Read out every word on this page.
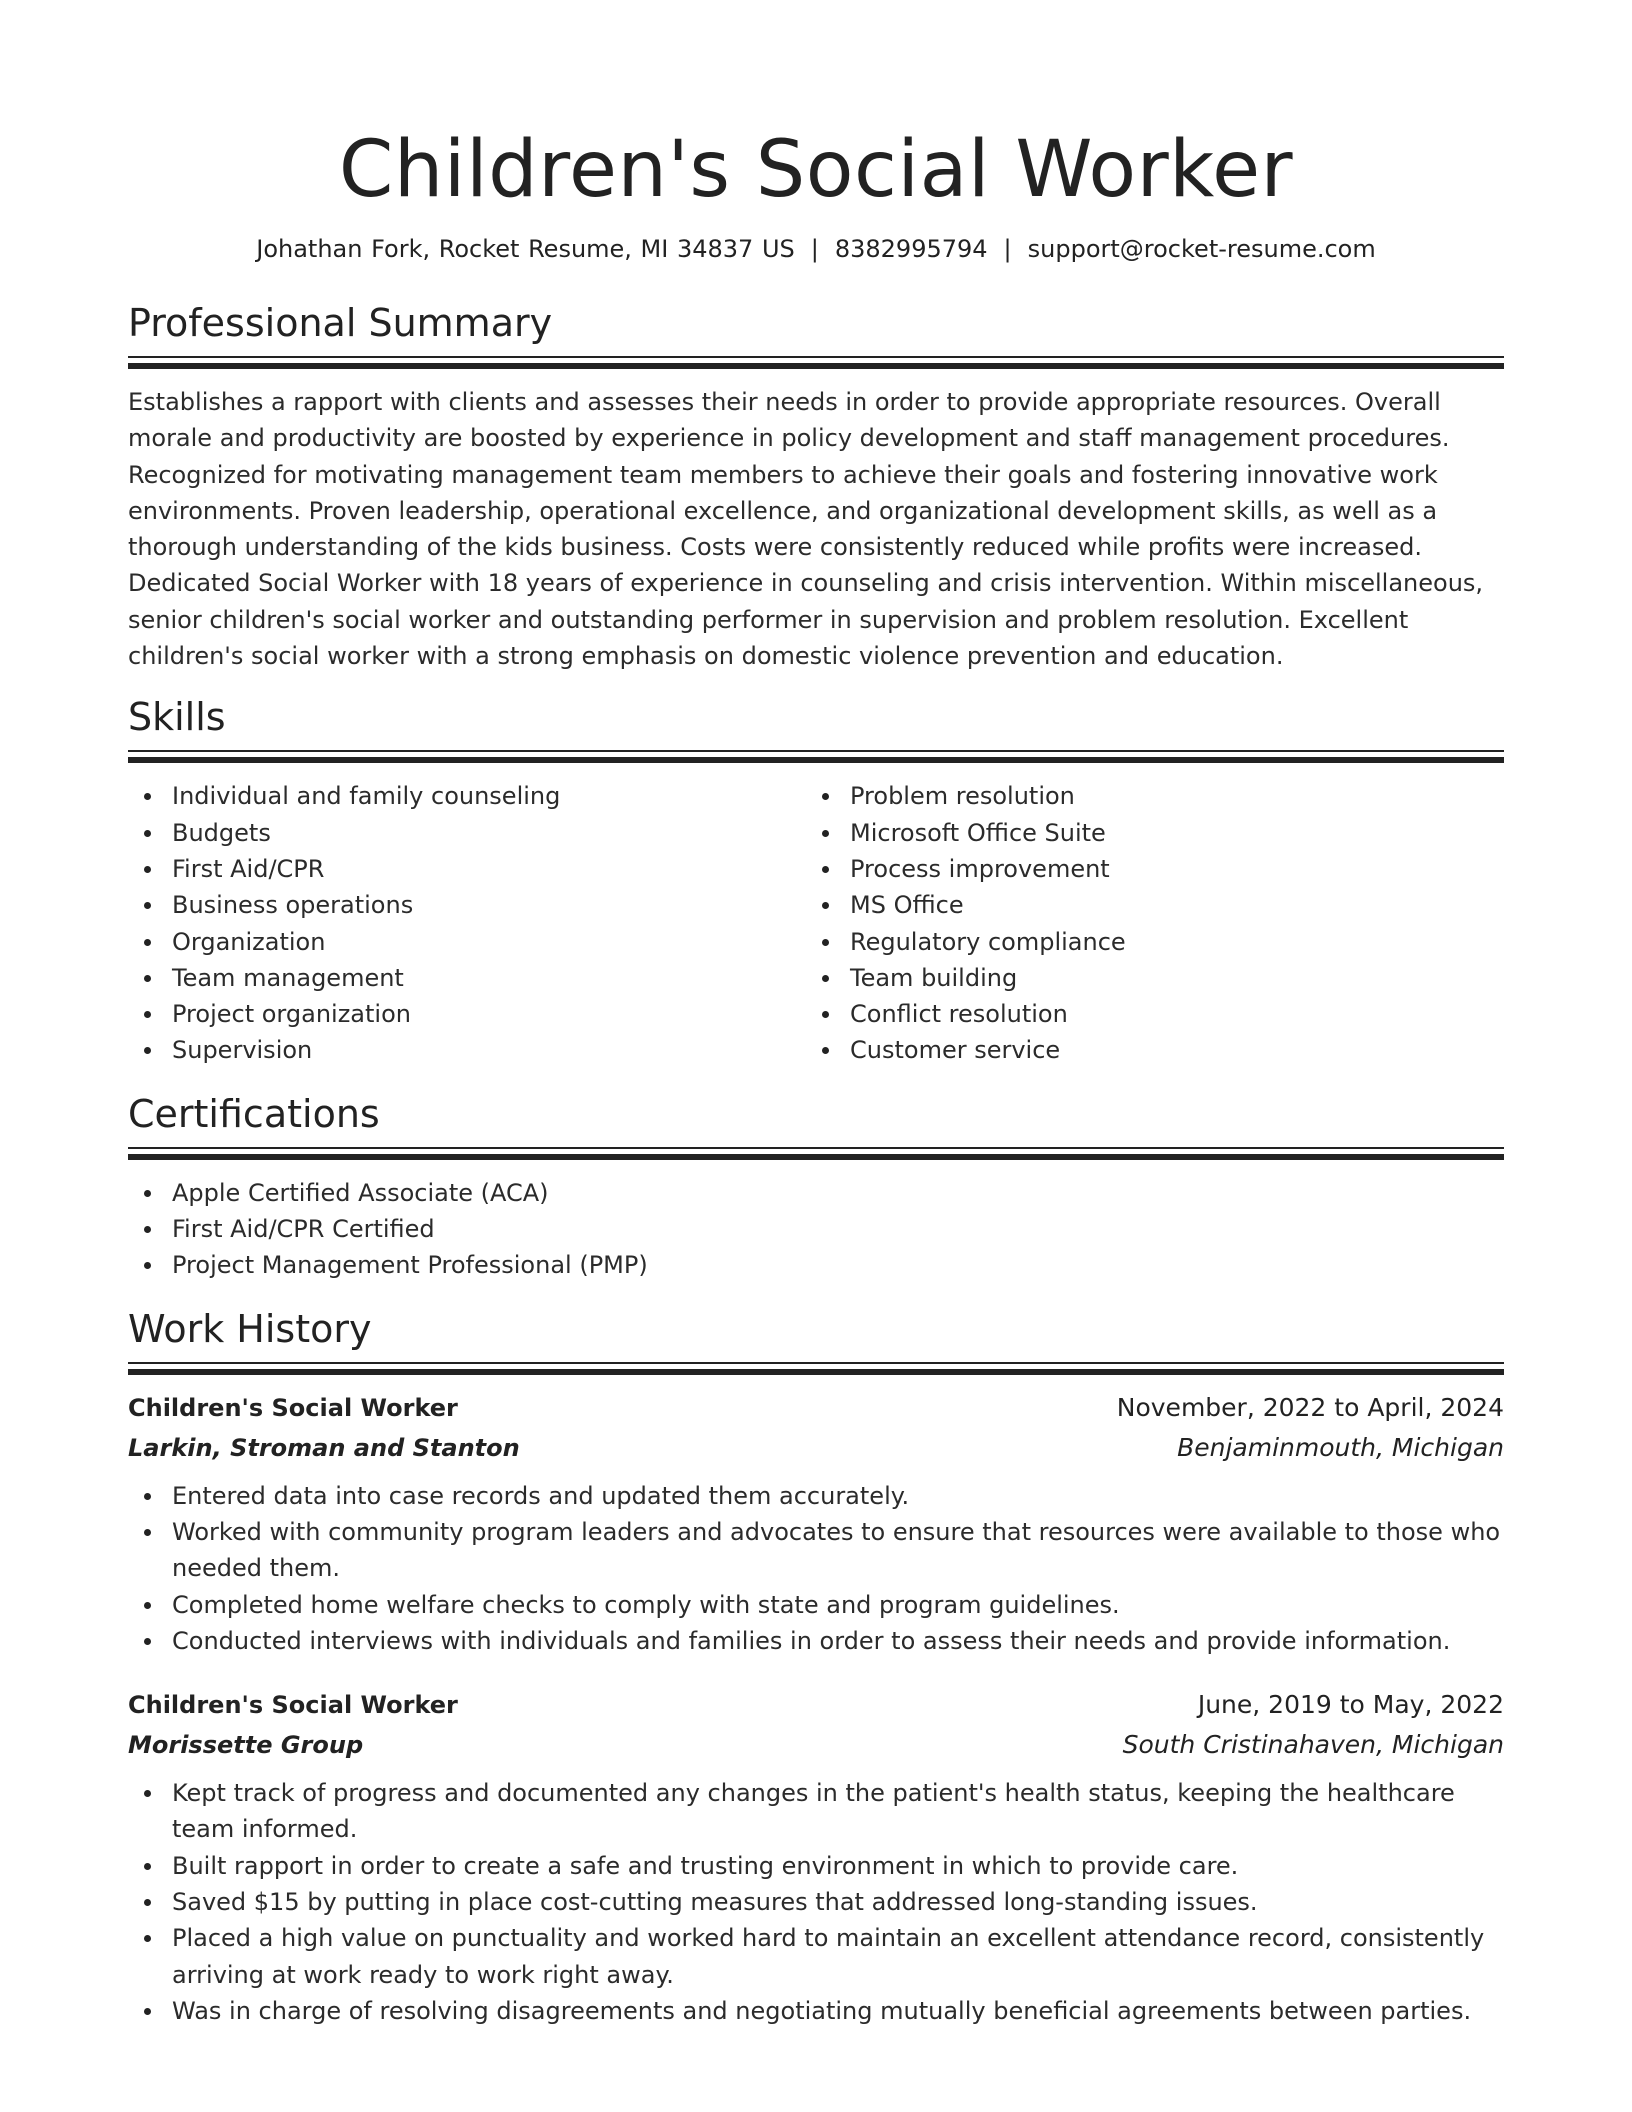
Children's Social Worker
Johathan Fork, Rocket Resume, MI 34837 US | 8382995794 | support@rocket-resume.com
Professional Summary

Establishes a rapport with clients and assesses their needs in order to provide appropriate resources. Overall morale and productivity are boosted by experience in policy development and staff management procedures. Recognized for motivating management team members to achieve their goals and fostering innovative work environments. Proven leadership, operational excellence, and organizational development skills, as well as a thorough understanding of the kids business. Costs were consistently reduced while profits were increased. Dedicated Social Worker with 18 years of experience in counseling and crisis intervention. Within miscellaneous, senior children's social worker and outstanding performer in supervision and problem resolution. Excellent children's social worker with a strong emphasis on domestic violence prevention and education.

Skills
Individual and family counseling
Budgets
First Aid/CPR
Business operations
Organization
Team management
Project organization
Supervision
Problem resolution
Microsoft Office Suite
Process improvement
MS Office
Regulatory compliance
Team building
Conflict resolution
Customer service
Certifications
Apple Certified Associate (ACA)
First Aid/CPR Certified
Project Management Professional (PMP)
Work History
Children's Social Worker	November, 2022 to April, 2024
Larkin, Stroman and Stanton	Benjaminmouth, Michigan
Entered data into case records and updated them accurately.
Worked with community program leaders and advocates to ensure that resources were available to those who needed them.
Completed home welfare checks to comply with state and program guidelines.
Conducted interviews with individuals and families in order to assess their needs and provide information.
Children's Social Worker	June, 2019 to May, 2022
Morissette Group	South Cristinahaven, Michigan
Kept track of progress and documented any changes in the patient's health status, keeping the healthcare team informed.
Built rapport in order to create a safe and trusting environment in which to provide care.
Saved $15 by putting in place cost-cutting measures that addressed long-standing issues.
Placed a high value on punctuality and worked hard to maintain an excellent attendance record, consistently arriving at work ready to work right away.
Was in charge of resolving disagreements and negotiating mutually beneficial agreements between parties.
